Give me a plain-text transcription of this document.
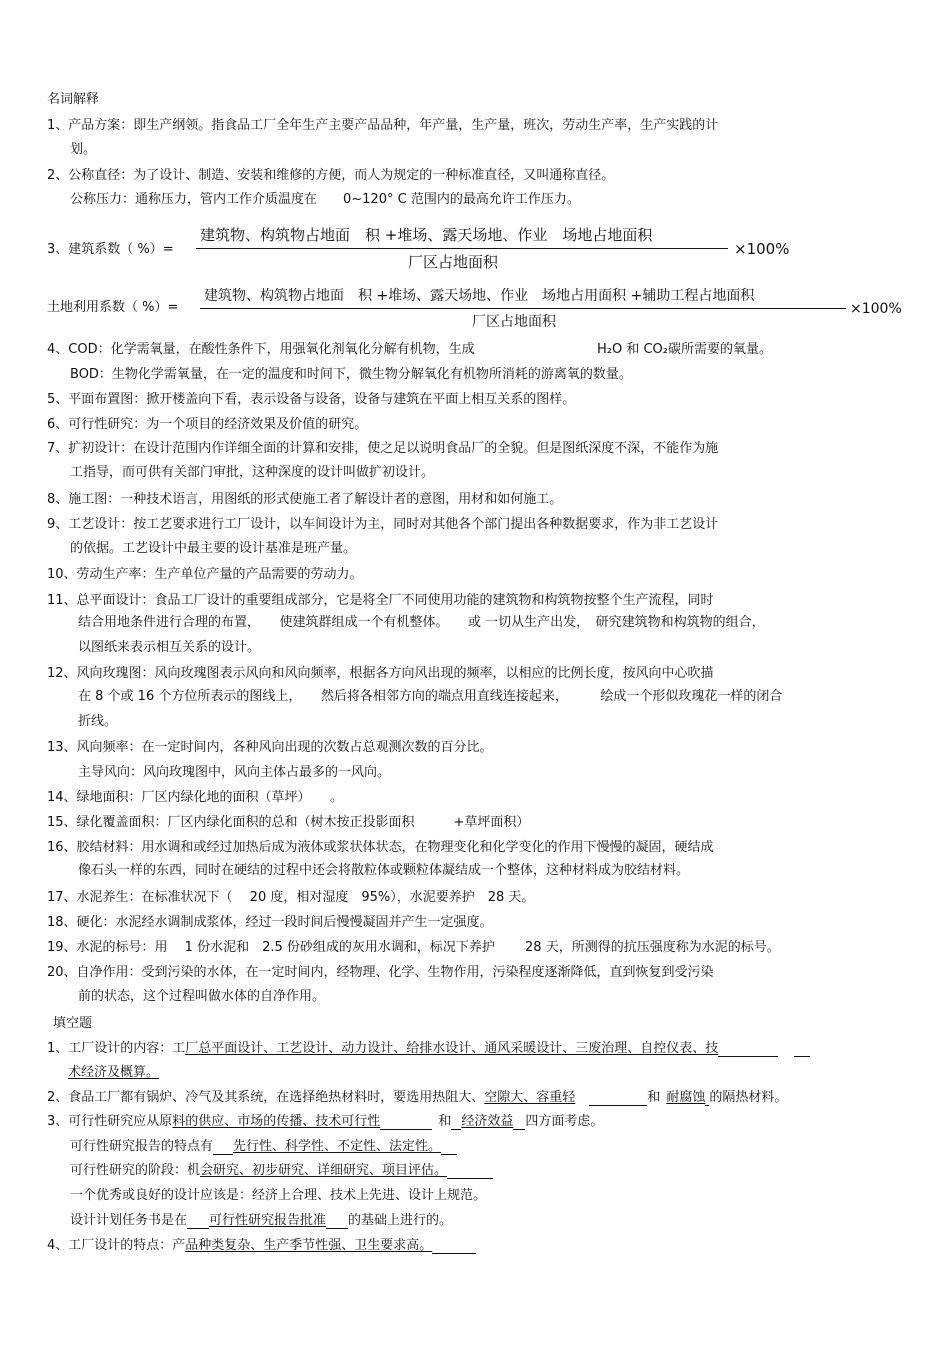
名词解释
1、产品方案：即生产纲领。指食品工厂全年生产主要产品品种，年产量，生产量，班次，劳动生产率，生产实践的计
划。
2、公称直径：为了设计、制造、安装和维修的方便，而人为规定的一种标准直径，又叫通称直径。
公称压力：通称压力，管内工作介质温度在　　0~120° C 范围内的最高允许工作压力。
3、建筑系数（ %）=
建筑物、构筑物占地面　积 +堆场、露天场地、作业　场地占地面积
厂区占地面积
×100%
土地利用系数（ %）=
建筑物、构筑物占地面　积 +堆场、露天场地、作业　场地占用面积 +辅助工程占地面积
厂区占地面积
×100%
4、COD：化学需氧量，在酸性条件下，用强氧化剂氧化分解有机物，生成	H₂O 和 CO₂碳所需要的氧量。
BOD：生物化学需氧量，在一定的温度和时间下，微生物分解氧化有机物所消耗的游离氧的数量。
5、平面布置图：掀开楼盖向下看，表示设备与设备，设备与建筑在平面上相互关系的图样。
6、可行性研究：为一个项目的经济效果及价值的研究。
7、扩初设计：在设计范围内作详细全面的计算和安排，使之足以说明食品厂的全貌。但是图纸深度不深，不能作为施
工指导，而可供有关部门审批，这种深度的设计叫做扩初设计。
8、施工图：一种技术语言，用图纸的形式使施工者了解设计者的意图，用材和如何施工。
9、工艺设计：按工艺要求进行工厂设计，以车间设计为主，同时对其他各个部门提出各种数据要求，作为非工艺设计
的依据。工艺设计中最主要的设计基准是班产量。
10、劳动生产率：生产单位产量的产品需要的劳动力。
11、总平面设计：食品工厂设计的重要组成部分，它是将全厂不同使用功能的建筑物和构筑物按整个生产流程，同时
结合用地条件进行合理的布置，　　使建筑群组成一个有机整体。　　或 一切从生产出发，　研究建筑物和构筑物的组合，
以图纸来表示相互关系的设计。
12、风向玫瑰图：风向玫瑰图表示风向和风向频率，根据各方向风出现的频率，以相应的比例长度，按风向中心吹描
在 8 个或 16 个方位所表示的图线上，　　然后将各相邻方向的端点用直线连接起来，　　　绘成一个形似玫瑰花一样的闭合
折线。
13、风向频率：在一定时间内，各种风向出现的次数占总观测次数的百分比。
主导风向：风向玫瑰图中，风向主体占最多的一风向。
14、绿地面积：厂区内绿化地的面积（草坪）　　。
15、绿化覆盖面积：厂区内绿化面积的总和（树木按正投影面积　　　+草坪面积）
16、胶结材料：用水调和或经过加热后成为液体或浆状体状态，在物理变化和化学变化的作用下慢慢的凝固，硬结成
像石头一样的东西，同时在硬结的过程中还会将散粒体或颗粒体凝结成一个整体，这种材料成为胶结材料。
17、水泥养生：在标准状况下（　 20 度，相对湿度　95%），水泥要养护　28 天。
18、硬化：水泥经水调制成浆体，经过一段时间后慢慢凝固并产生一定强度。
19、水泥的标号：用　 1 份水泥和　2.5 份砂组成的灰用水调和，标况下养护　　 28 天，所测得的抗压强度称为水泥的标号。
20、自净作用：受到污染的水体，在一定时间内，经物理、化学、生物作用，污染程度逐渐降低，直到恢复到受污染
前的状态，这个过程叫做水体的自净作用。
填空题
1、工厂设计的内容：工厂总平面设计、工艺设计、动力设计、给排水设计、通风采暖设计、三废治理、自控仪表、技
术经济及概算。
2、食品工厂都有锅炉、冷气及其系统，在选择绝热材料时，要选用热阻大、空隙大、容重轻	和 耐腐蚀 的隔热材料。
3、可行性研究应从原料的供应、市场的传播、技术可行性	和 经济效益 四方面考虑。
可行性研究报告的特点有 先行性、科学性、不定性、法定性。
可行性研究的阶段：机会研究、初步研究、详细研究、项目评估。
一个优秀或良好的设计应该是：经济上合理、技术上先进、设计上规范。
设计计划任务书是在 可行性研究报告批准 的基础上进行的。
4、工厂设计的特点：产品种类复杂、生产季节性强、卫生要求高。
